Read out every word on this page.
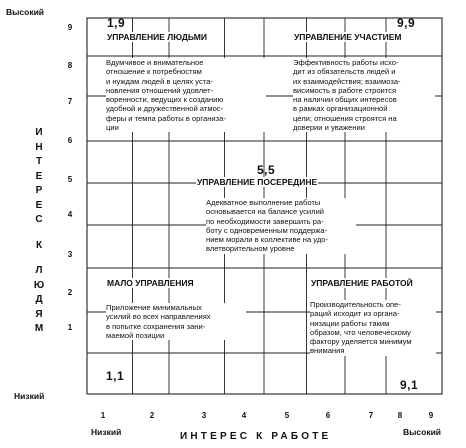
Высокий
Низкий
9
8
7
6
5
4
3
2
1
И
Н
Т
Е
Р
Е
С
К
Л
Ю
Д
Я
М
1	2	3	4	5	6	7	8	9
Низкий	Высокий
ИНТЕРЕС К РАБОТЕ
1,9	9,9
5,5
1,1
9,1
УПРАВЛЕНИЕ ЛЮДЬМИ
Вдумчивое и внимательное
отношение к потребностям
и нуждам людей в целях уста-
новления отношений удовлет-
воренности, ведущих к созданию
удобной и дружественной атмос-
феры и темпа работы в организа-
ции
УПРАВЛЕНИЕ УЧАСТИЕМ
Эффективность работы исхо-
дит из обязательств людей и
их взаимодействия; взаимоза-
висимость в работе строится
на наличии общих интересов
в рамках организационной
цели; отношения строятся на
доверии и уважении
УПРАВЛЕНИЕ ПОСЕРЕДИНЕ
Адекватное выполнение работы
основывается на балансе усилий
по необходимости завершить ра-
боту с одновременным поддержа-
нием морали в коллективе на удо-
влетворительном уровне
МАЛО УПРАВЛЕНИЯ
Приложение минимальных
усилий во всех направлениях
в попытке сохранения зани-
маемой позиции
УПРАВЛЕНИЕ РАБОТОЙ
Производительность опе-
раций исходит из органа-
низации работы таким
образом, что человеческому
фактору уделяется минимум
внимания
